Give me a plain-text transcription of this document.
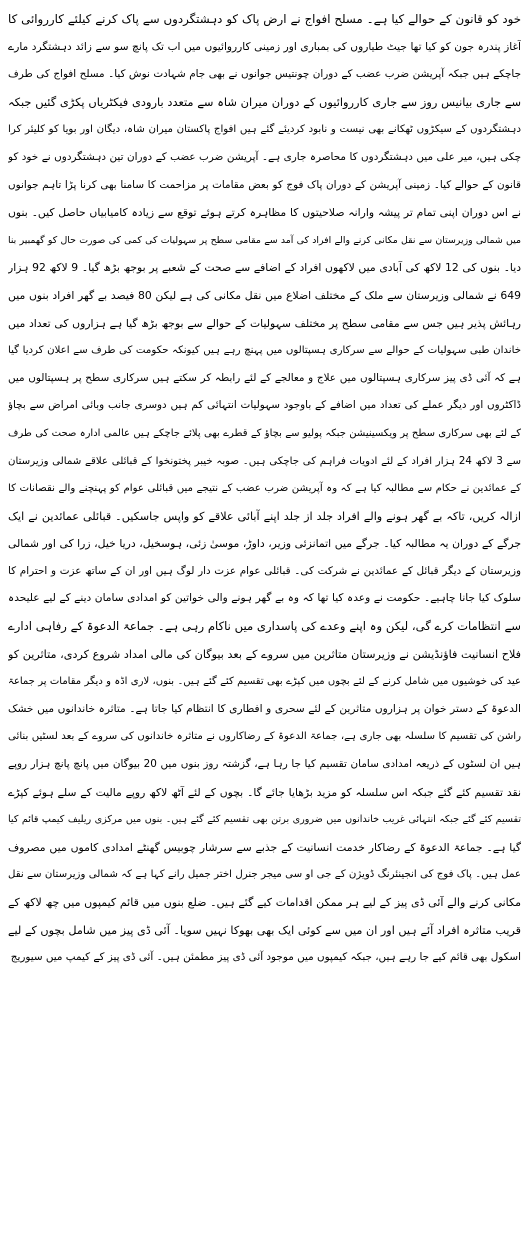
خود کو قانون کے حوالے کیا ہے۔ مسلح افواج نے ارض پاک کو دہشتگردوں سے پاک کرنے کیلئے کارروائی کا
آغاز پندرہ جون کو کیا تھا جیٹ طیاروں کی بمباری اور زمینی کارروائیوں میں اب تک پانچ سو سے زائد دہشتگرد مارے
جاچکے ہیں جبکہ آپریشن ضرب عضب کے دوران چونتیس جوانوں نے بھی جام شہادت نوش کیا۔ مسلح افواج کی طرف
سے جاری بیانیس روز سے جاری کارروائیوں کے دوران میران شاہ سے متعدد بارودی فیکٹریاں پکڑی گئیں جبکہ
دہشتگردوں کے سیکڑوں ٹھکانے بھی نیست و نابود کردیئے گئے ہیں افواج پاکستان میران شاہ، دیگان اور بویا کو کلیئر کرا
چکی ہیں، میر علی میں دہشتگردوں کا محاصرہ جاری ہے۔ آپریشن ضرب عضب کے دوران تین دہشتگردوں نے خود کو
قانون کے حوالے کیا۔ زمینی آپریشن کے دوران پاک فوج کو بعض مقامات پر مزاحمت کا سامنا بھی کرنا پڑا تاہم جوانوں
نے اس دوران اپنی تمام تر پیشہ وارانہ صلاحیتوں کا مظاہرہ کرتے ہوئے توقع سے زیادہ کامیابیاں حاصل کیں۔ بنوں
میں شمالی وزیرستان سے نقل مکانی کرنے والے افراد کی آمد سے مقامی سطح پر سہولیات کی کمی کی صورت حال کو گھمبیر بنا
دیا۔ بنوں کی 12 لاکھ کی آبادی میں لاکھوں افراد کے اضافے سے صحت کے شعبے پر بوجھ بڑھ گیا۔ 9 لاکھ 92 ہزار
649 نے شمالی وزیرستان سے ملک کے مختلف اضلاع میں نقل مکانی کی ہے لیکن 80 فیصد بے گھر افراد بنوں میں
رہائش پذیر ہیں جس سے مقامی سطح پر مختلف سہولیات کے حوالے سے بوجھ بڑھ گیا ہے ہزاروں کی تعداد میں
خاندان طبی سہولیات کے حوالے سے سرکاری ہسپتالوں میں پہنچ رہے ہیں کیونکہ حکومت کی طرف سے اعلان کردیا گیا
ہے کہ آئی ڈی پیز سرکاری ہسپتالوں میں علاج و معالجے کے لئے رابطہ کر سکتے ہیں سرکاری سطح پر ہسپتالوں میں
ڈاکٹروں اور دیگر عملے کی تعداد میں اضافے کے باوجود سہولیات انتہائی کم ہیں دوسری جانب وبائی امراض سے بچاؤ
کے لئے بھی سرکاری سطح پر ویکسینیشن جبکہ پولیو سے بچاؤ کے قطرے بھی پلائے جاچکے ہیں عالمی ادارہ صحت کی طرف
سے 3 لاکھ 24 ہزار افراد کے لئے ادویات فراہم کی جاچکی ہیں۔ صوبہ خیبر پختونخوا کے قبائلی علاقے شمالی وزیرستان
کے عمائدین نے حکام سے مطالبہ کیا ہے کہ وہ آپریشن ضرب عضب کے نتیجے میں قبائلی عوام کو پہنچنے والے نقصانات کا
ازالہ کریں، تاکہ بے گھر ہونے والے افراد جلد از جلد اپنے آبائی علاقے کو واپس جاسکیں۔ قبائلی عمائدین نے ایک
جرگے کے دوران یہ مطالبہ کیا۔ جرگے میں اتمانزئی وزیر، داوڑ، موسیٰ زئی، ہوسخیل، دریا خیل، زرا کی اور شمالی
وزیرستان کے دیگر قبائل کے عمائدین نے شرکت کی۔ قبائلی عوام عزت دار لوگ ہیں اور ان کے ساتھ عزت و احترام کا
سلوک کیا جانا چاہیے۔ حکومت نے وعدہ کیا تھا کہ وہ بے گھر ہونے والی خواتین کو امدادی سامان دینے کے لیے علیحدہ
سے انتظامات کرے گی، لیکن وہ اپنے وعدے کی پاسداری میں ناکام رہی ہے۔ جماعۃ الدعوۃ کے رفاہی ادارے
فلاح انسانیت فاؤنڈیشن نے وزیرستان متاثرین میں سروے کے بعد بیوگان کی مالی امداد شروع کردی، متاثرین کو
عید کی خوشیوں میں شامل کرنے کے لئے بچوں میں کپڑے بھی تقسیم کئے گئے ہیں۔ بنوں، لاری اڈہ و دیگر مقامات پر جماعۃ
الدعوۃ کے دستر خوان پر ہزاروں متاثرین کے لئے سحری و افطاری کا انتظام کیا جاتا ہے۔ متاثرہ خاندانوں میں خشک
راشن کی تقسیم کا سلسلہ بھی جاری ہے، جماعۃ الدعوۃ کے رضاکاروں نے متاثرہ خاندانوں کی سروے کے بعد لسٹیں بنائی
ہیں ان لسٹوں کے ذریعہ امدادی سامان تقسیم کیا جا رہا ہے، گزشتہ روز بنوں میں 20 بیوگان میں پانچ پانچ ہزار روپے
نقد تقسیم کئے گئے جبکہ اس سلسلہ کو مزید بڑھایا جائے گا۔ بچوں کے لئے آٹھ لاکھ روپے مالیت کے سلے ہوئے کپڑے
تقسیم کئے گئے جبکہ انتہائی غریب خاندانوں میں ضروری برتن بھی تقسیم کئے گئے ہیں۔ بنوں میں مرکزی ریلیف کیمپ قائم کیا
گیا ہے۔ جماعۃ الدعوۃ کے رضاکار خدمت انسانیت کے جذبے سے سرشار چوبیس گھنٹے امدادی کاموں میں مصروف
عمل ہیں۔ پاک فوج کی انجینئرنگ ڈویژن کے جی او سی میجر جنرل اختر جمیل رانے کہا ہے کہ شمالی وزیرستان سے نقل
مکانی کرنے والے آئی ڈی پیز کے لیے ہر ممکن اقدامات کیے گئے ہیں۔ ضلع بنوں میں قائم کیمپوں میں چھ لاکھ کے
قریب متاثرہ افراد آئے ہیں اور ان میں سے کوئی ایک بھی بھوکا نہیں سویا۔ آئی ڈی پیز میں شامل بچوں کے لیے
اسکول بھی قائم کیے جا رہے ہیں، جبکہ کیمپوں میں موجود آئی ڈی پیز مطمئن ہیں۔ آئی ڈی پیز کے کیمپ میں سیوریج
